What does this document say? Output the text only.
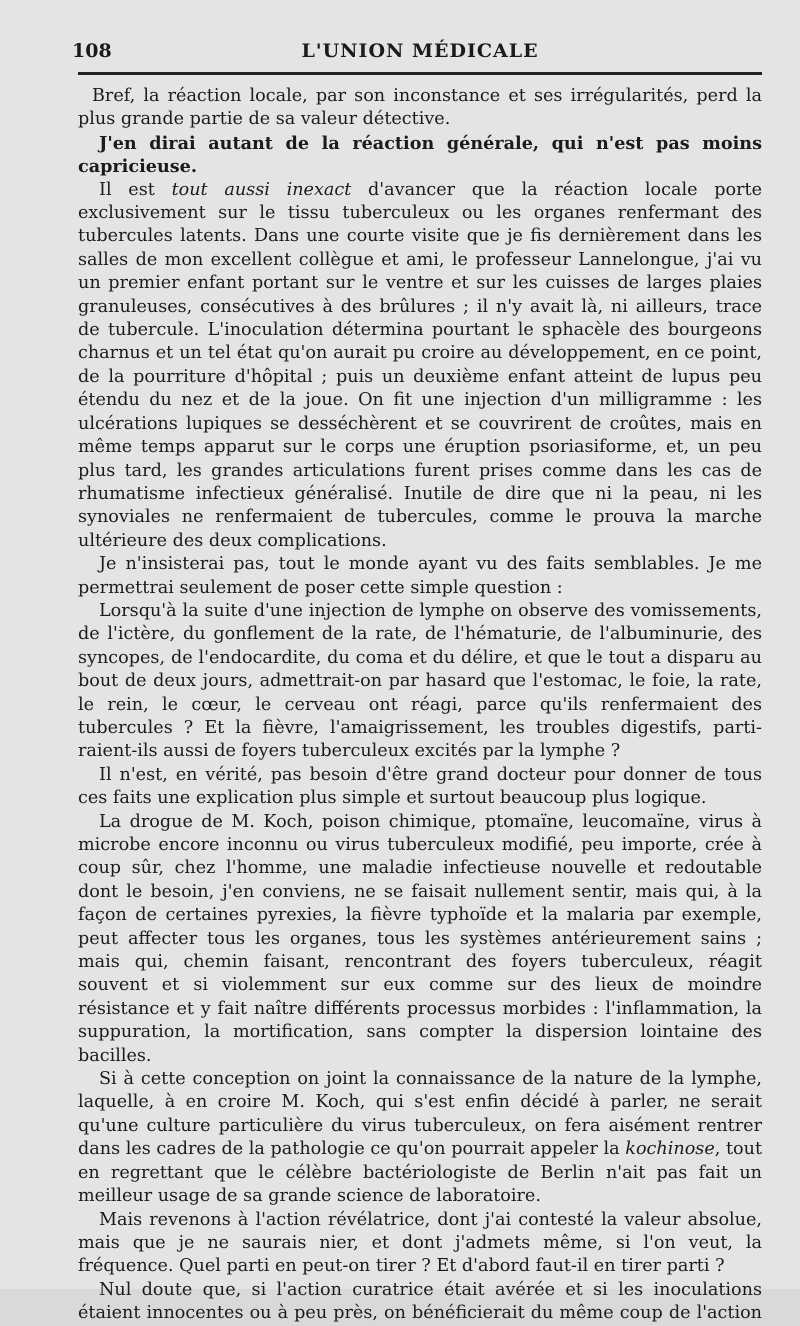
108	L'UNION MÉDICALE

Bref, la réaction locale, par son inconstance et ses irrégularités, perd la plus grande partie de sa valeur détective.

J'en dirai autant de la réaction générale, qui n'est pas moins capricieuse.

Il est tout aussi inexact d'avancer que la réaction locale porte exclusivement sur le tissu tuberculeux ou les organes renfermant des tubercules latents. Dans une courte visite que je fis dernièrement dans les salles de mon excellent collègue et ami, le professeur Lannelongue, j'ai vu un premier enfant portant sur le ventre et sur les cuisses de larges plaies granuleuses, consécutives à des brûlures ; il n'y avait là, ni ailleurs, trace de tubercule. L'inoculation détermina pourtant le sphacèle des bourgeons charnus et un tel état qu'on aurait pu croire au développement, en ce point, de la pourriture d'hôpital ; puis un deuxième enfant atteint de lupus peu étendu du nez et de la joue. On fit une injection d'un milligramme : les ulcérations lupiques se desséchèrent et se couvrirent de croûtes, mais en même temps apparut sur le corps une éruption psoriasiforme, et, un peu plus tard, les grandes articulations furent prises comme dans les cas de rhumatisme infectieux généralisé. Inutile de dire que ni la peau, ni les synoviales ne renfermaient de tubercules, comme le prouva la marche ultérieure des deux complications.

Je n'insisterai pas, tout le monde ayant vu des faits semblables. Je me permettrai seulement de poser cette simple question :

Lorsqu'à la suite d'une injection de lymphe on observe des vomissements, de l'ictère, du gonflement de la rate, de l'hématurie, de l'albuminurie, des syncopes, de l'endocardite, du coma et du délire, et que le tout a disparu au bout de deux jours, admettrait-on par hasard que l'estomac, le foie, la rate, le rein, le cœur, le cerveau ont réagi, parce qu'ils renfermaient des tubercules ? Et la fièvre, l'amaigrissement, les troubles digestifs, parti- raient-ils aussi de foyers tuberculeux excités par la lymphe ?

Il n'est, en vérité, pas besoin d'être grand docteur pour donner de tous ces faits une explication plus simple et surtout beaucoup plus logique.

La drogue de M. Koch, poison chimique, ptomaïne, leucomaïne, virus à microbe encore inconnu ou virus tuberculeux modifié, peu importe, crée à coup sûr, chez l'homme, une maladie infectieuse nouvelle et redoutable dont le besoin, j'en conviens, ne se faisait nullement sentir, mais qui, à la façon de certaines pyrexies, la fièvre typhoïde et la malaria par exemple, peut affecter tous les organes, tous les systèmes antérieurement sains ; mais qui, chemin faisant, rencontrant des foyers tuberculeux, réagit souvent et si violemment sur eux comme sur des lieux de moindre résistance et y fait naître différents processus morbides : l'inflammation, la suppuration, la mortification, sans compter la dispersion lointaine des bacilles.

Si à cette conception on joint la connaissance de la nature de la lymphe, laquelle, à en croire M. Koch, qui s'est enfin décidé à parler, ne serait qu'une culture particulière du virus tuberculeux, on fera aisément rentrer dans les cadres de la pathologie ce qu'on pourrait appeler la kochinose, tout en regrettant que le célèbre bactériologiste de Berlin n'ait pas fait un meilleur usage de sa grande science de laboratoire.

Mais revenons à l'action révélatrice, dont j'ai contesté la valeur absolue, mais que je ne saurais nier, et dont j'admets même, si l'on veut, la fréquence. Quel parti en peut-on tirer ? Et d'abord faut-il en tirer parti ?

Nul doute que, si l'action curatrice était avérée et si les inoculations étaient innocentes ou à peu près, on bénéficierait du même coup de l'action
